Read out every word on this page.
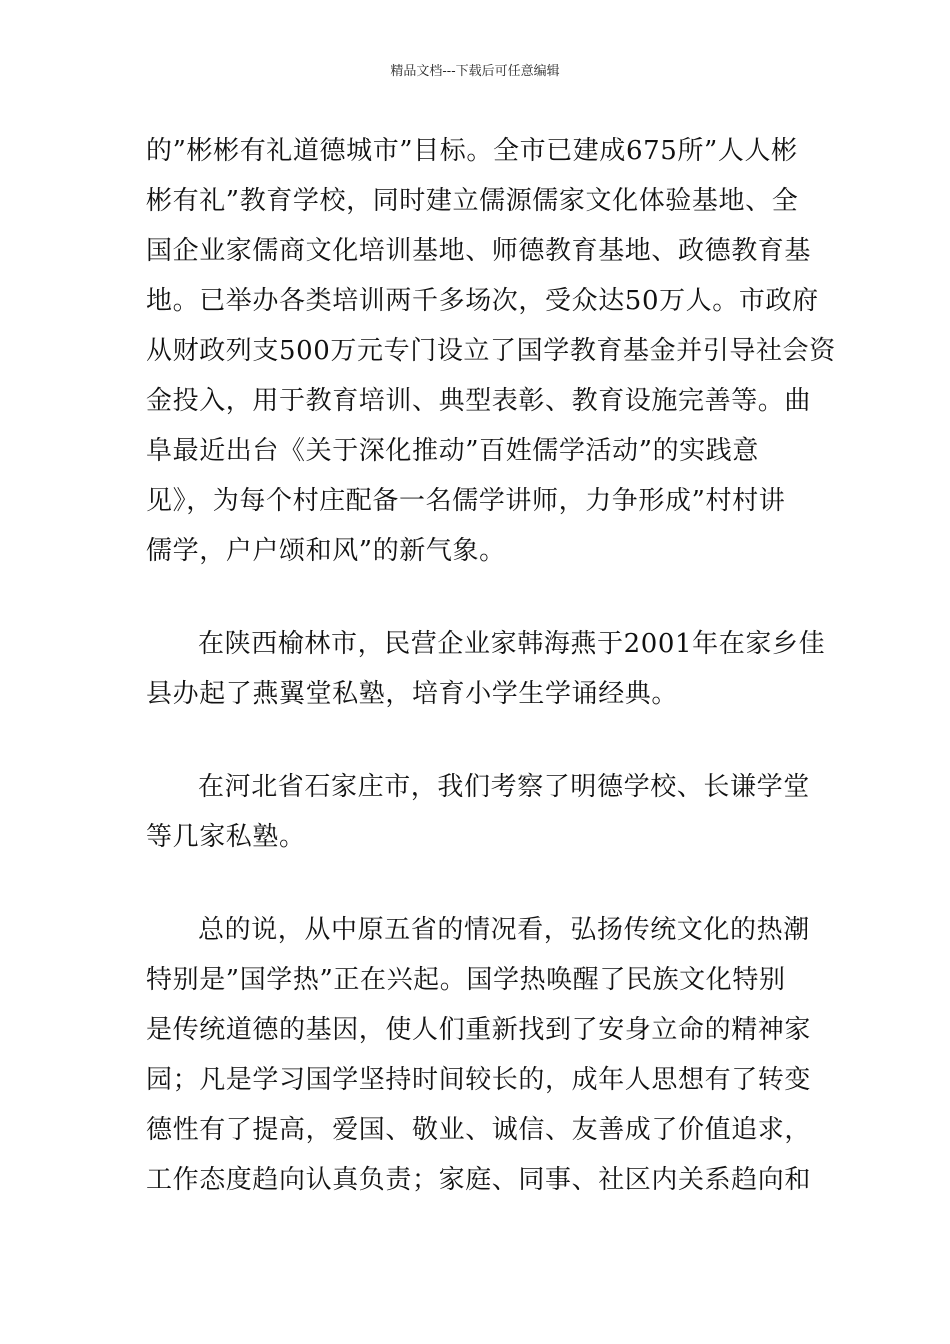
精品文档---下载后可任意编辑
的”彬彬有礼道德城市”目标。全市已建成675所”人人彬
彬有礼”教育学校，同时建立儒源儒家文化体验基地、全
国企业家儒商文化培训基地、师德教育基地、政德教育基
地。已举办各类培训两千多场次，受众达50万人。市政府
从财政列支500万元专门设立了国学教育基金并引导社会资
金投入，用于教育培训、典型表彰、教育设施完善等。曲
阜最近出台《关于深化推动”百姓儒学活动”的实践意
见》，为每个村庄配备一名儒学讲师，力争形成”村村讲
儒学，户户颂和风”的新气象。
在陕西榆林市，民营企业家韩海燕于2001年在家乡佳
县办起了燕翼堂私塾，培育小学生学诵经典。
在河北省石家庄市，我们考察了明德学校、长谦学堂
等几家私塾。
总的说，从中原五省的情况看，弘扬传统文化的热潮
特别是”国学热”正在兴起。国学热唤醒了民族文化特别
是传统道德的基因，使人们重新找到了安身立命的精神家
园；凡是学习国学坚持时间较长的，成年人思想有了转变
德性有了提高，爱国、敬业、诚信、友善成了价值追求，
工作态度趋向认真负责；家庭、同事、社区内关系趋向和
